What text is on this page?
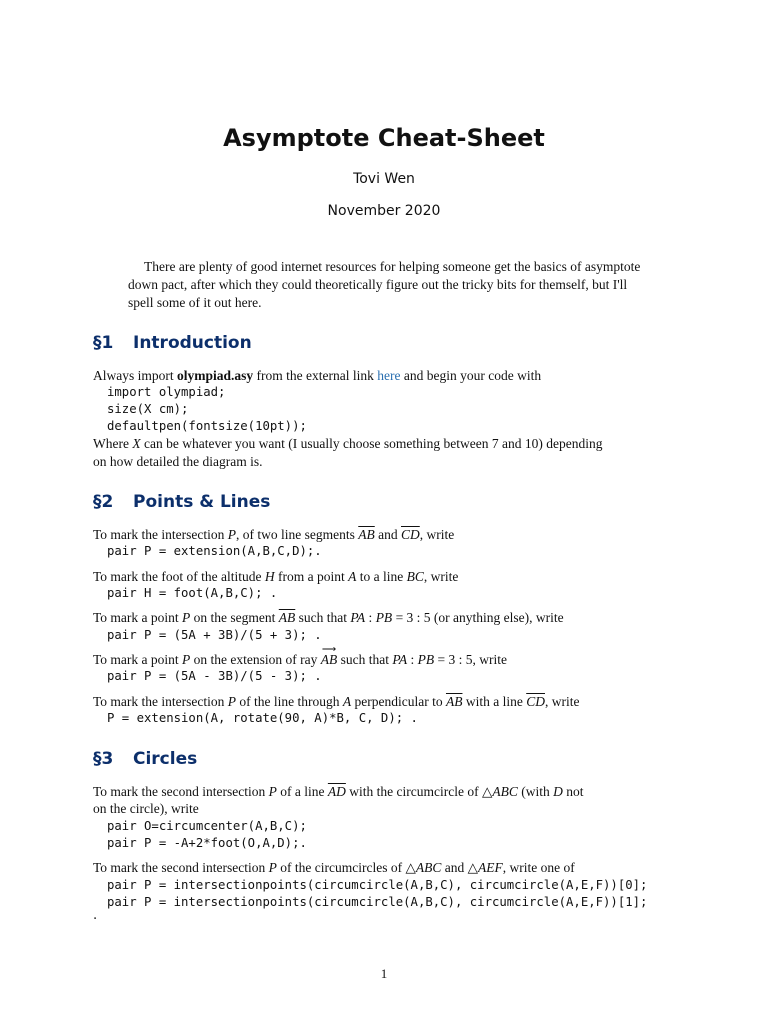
Asymptote Cheat-Sheet
Tovi Wen
November 2020
There are plenty of good internet resources for helping someone get the basics of asymptote down pact, after which they could theoretically figure out the tricky bits for themself, but I'll spell some of it out here.
§1 Introduction
Always import olympiad.asy from the external link here and begin your code with
import olympiad;
size(X cm);
defaultpen(fontsize(10pt));
Where X can be whatever you want (I usually choose something between 7 and 10) depending
on how detailed the diagram is.
§2 Points & Lines
To mark the intersection P, of two line segments $\overline{AB}$ and $\overline{CD}$, write
pair P = extension(A,B,C,D);.
To mark the foot of the altitude H from a point A to a line BC, write
pair H = foot(A,B,C); .
To mark a point P on the segment $\overline{AB}$ such that PA : PB = 3 : 5 (or anything else), write
pair P = (5A + 3B)/(5 + 3); .
To mark a point P on the extension of ray
⟶
AB such that PA : PB = 3 : 5, write
pair P = (5A - 3B)/(5 - 3); .
To mark the intersection P of the line through A perpendicular to $\overline{AB}$ with a line $\overline{CD}$, write
P = extension(A, rotate(90, A)*B, C, D); .
§3 Circles
To mark the second intersection P of a line $\overline{AD}$ with the circumcircle of △ABC (with D not
on the circle), write
pair O=circumcenter(A,B,C);
pair P = -A+2*foot(O,A,D);.
To mark the second intersection P of the circumcircles of △ABC and △AEF, write one of
pair P = intersectionpoints(circumcircle(A,B,C), circumcircle(A,E,F))[0];
pair P = intersectionpoints(circumcircle(A,B,C), circumcircle(A,E,F))[1];
.
1
